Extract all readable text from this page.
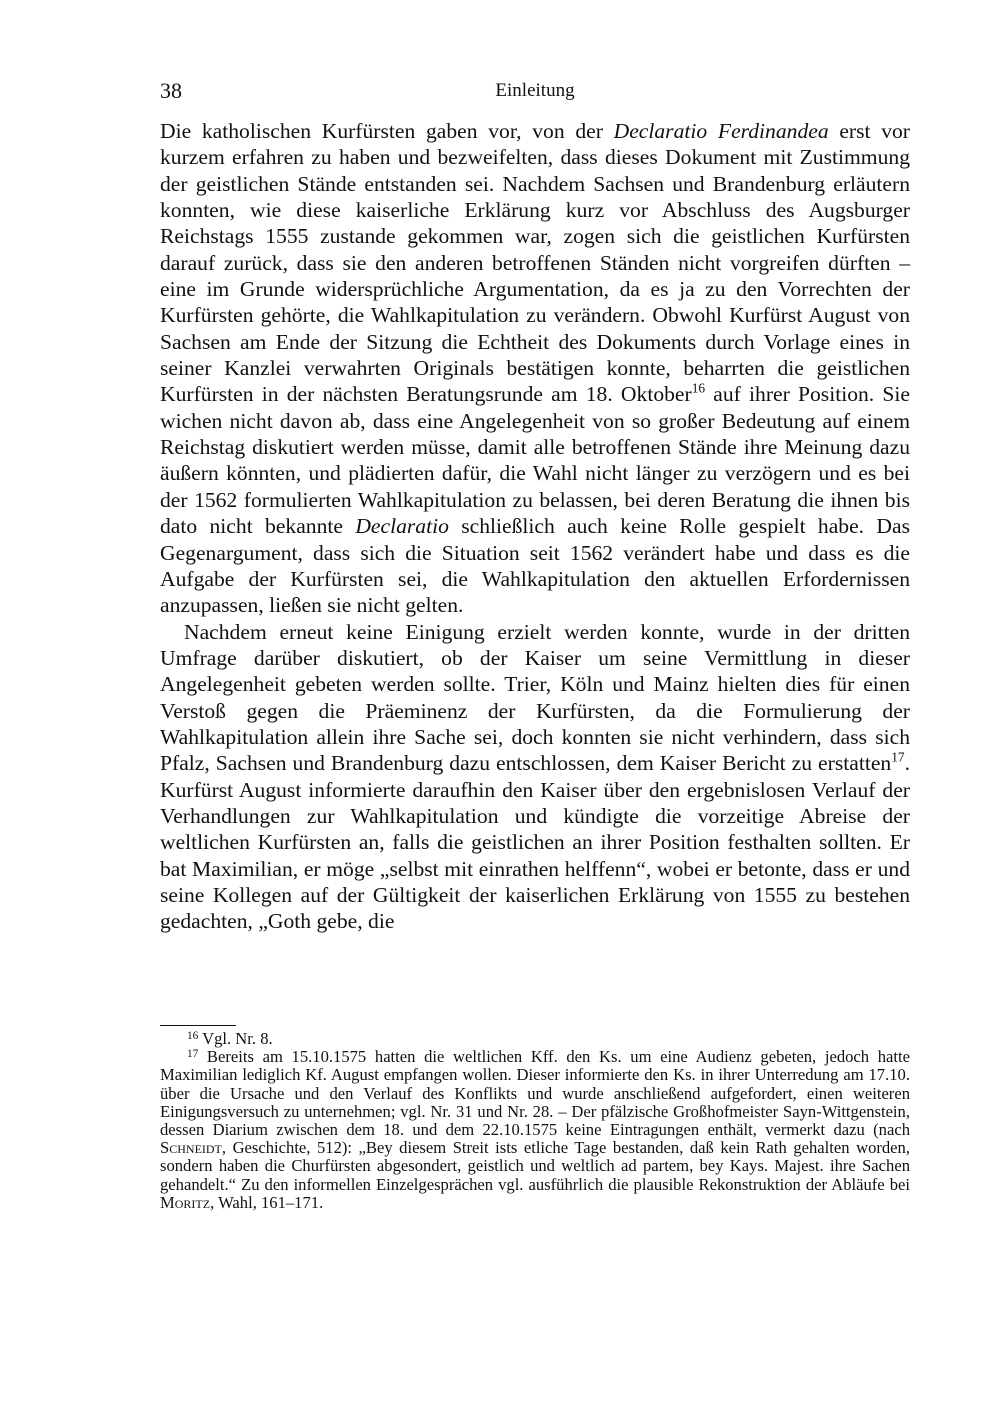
38	Einleitung

Die katholischen Kurfürsten gaben vor, von der Declaratio Ferdinandea erst vor kurzem erfahren zu haben und bezweifelten, dass dieses Dokument mit Zustimmung der geistlichen Stände entstanden sei. Nachdem Sachsen und Brandenburg erläutern konnten, wie diese kaiserliche Erklärung kurz vor Abschluss des Augsburger Reichstags 1555 zustande gekommen war, zogen sich die geistlichen Kurfürsten darauf zurück, dass sie den anderen betroffenen Ständen nicht vorgreifen dürften – eine im Grunde widersprüchliche Argumentation, da es ja zu den Vorrechten der Kurfürsten gehörte, die Wahlkapitulation zu verändern. Obwohl Kurfürst August von Sachsen am Ende der Sitzung die Echtheit des Dokuments durch Vorlage eines in seiner Kanzlei verwahrten Originals bestätigen konnte, beharrten die geistlichen Kurfürsten in der nächsten Beratungsrunde am 18. Oktober$^{16}$ auf ihrer Position. Sie wichen nicht davon ab, dass eine Angelegenheit von so großer Bedeutung auf einem Reichstag diskutiert werden müsse, damit alle betroffenen Stände ihre Meinung dazu äußern könnten, und plädierten dafür, die Wahl nicht länger zu verzögern und es bei der 1562 formulierten Wahlkapitulation zu belassen, bei deren Beratung die ihnen bis dato nicht bekannte Declaratio schließlich auch keine Rolle gespielt habe. Das Gegenargument, dass sich die Situation seit 1562 verändert habe und dass es die Aufgabe der Kurfürsten sei, die Wahlkapitulation den aktuellen Erfordernissen anzupassen, ließen sie nicht gelten.

Nachdem erneut keine Einigung erzielt werden konnte, wurde in der dritten Umfrage darüber diskutiert, ob der Kaiser um seine Vermittlung in dieser Angelegenheit gebeten werden sollte. Trier, Köln und Mainz hielten dies für einen Verstoß gegen die Präeminenz der Kurfürsten, da die Formulierung der Wahlkapitulation allein ihre Sache sei, doch konnten sie nicht verhindern, dass sich Pfalz, Sachsen und Brandenburg dazu entschlossen, dem Kaiser Bericht zu erstatten$^{17}$. Kurfürst August informierte daraufhin den Kaiser über den ergebnislosen Verlauf der Verhandlungen zur Wahlkapitulation und kündigte die vorzeitige Abreise der weltlichen Kurfürsten an, falls die geistlichen an ihrer Position festhalten sollten. Er bat Maximilian, er möge „selbst mit einrathen helffenn“, wobei er betonte, dass er und seine Kollegen auf der Gültigkeit der kaiserlichen Erklärung von 1555 zu bestehen gedachten, „Goth gebe, die

$^{16}$ Vgl. Nr. 8.

$^{17}$ Bereits am 15.10.1575 hatten die weltlichen Kff. den Ks. um eine Audienz gebeten, jedoch hatte Maximilian lediglich Kf. August empfangen wollen. Dieser informierte den Ks. in ihrer Unterredung am 17.10. über die Ursache und den Verlauf des Konflikts und wurde anschließend aufgefordert, einen weiteren Einigungsversuch zu unternehmen; vgl. Nr. 31 und Nr. 28. – Der pfälzische Großhofmeister Sayn-Wittgenstein, dessen Diarium zwischen dem 18. und dem 22.10.1575 keine Eintragungen enthält, vermerkt dazu (nach Schneidt, Geschichte, 512): „Bey diesem Streit ists etliche Tage bestanden, daß kein Rath gehalten worden, sondern haben die Churfürsten abgesondert, geistlich und weltlich ad partem, bey Kays. Majest. ihre Sachen gehandelt.“ Zu den informellen Einzelgesprächen vgl. ausführlich die plausible Rekonstruktion der Abläufe bei Moritz, Wahl, 161–171.
